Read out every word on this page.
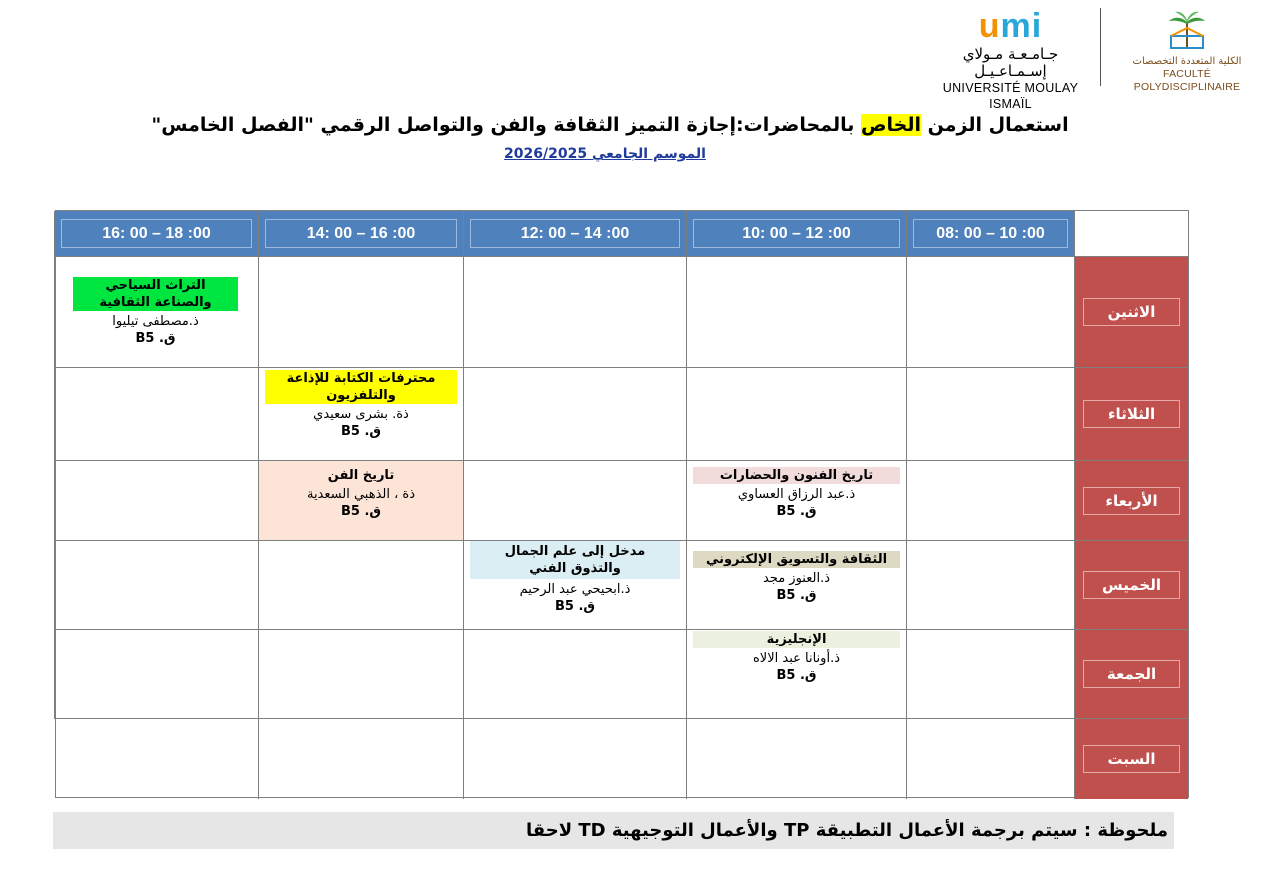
umi
جـامـعـة مـولاي إسـمـاعـيـل
UNIVERSITÉ MOULAY ISMAÏL
الكلية المتعددة التخصصات
FACULTÉ POLYDISCIPLINAIRE
استعمال الزمن الخاص بالمحاضرات:إجازة التميز الثقافة والفن والتواصل الرقمي "الفصل الخامس"
الموسم الجامعي 2026/2025
08: 00 – 10 :00
10: 00 – 12 :00
12: 00 – 14 :00
14: 00 – 16 :00
16: 00 – 18 :00
الاثنين
التراث السياحي والصناعة الثقافية
ذ.مصطفى تيليوا
ق. B5
الثلاثاء
محترفات الكتابة للإذاعة والتلفزيون
ذة. بشرى سعيدي
ق. B5
الأربعاء
تاريخ الفنون والحضارات
ذ.عبد الرزاق العساوي
ق. B5
تاريخ الفن
ذة ، الذهبي السعدية
ق. B5
الخميس
الثقافة والتسويق الإلكتروني
ذ.العنوز مجد
ق. B5
مدخل إلى علم الجمال والتذوق الفني
ذ.ابحيحي عبد الرحيم
ق. B5
الجمعة
الإنجليزية
ذ.أونانا عبد الالاه
ق. B5
السبت
ملحوظة : سيتم برجمة الأعمال التطبيقة TP والأعمال التوجيهية TD لاحقا
